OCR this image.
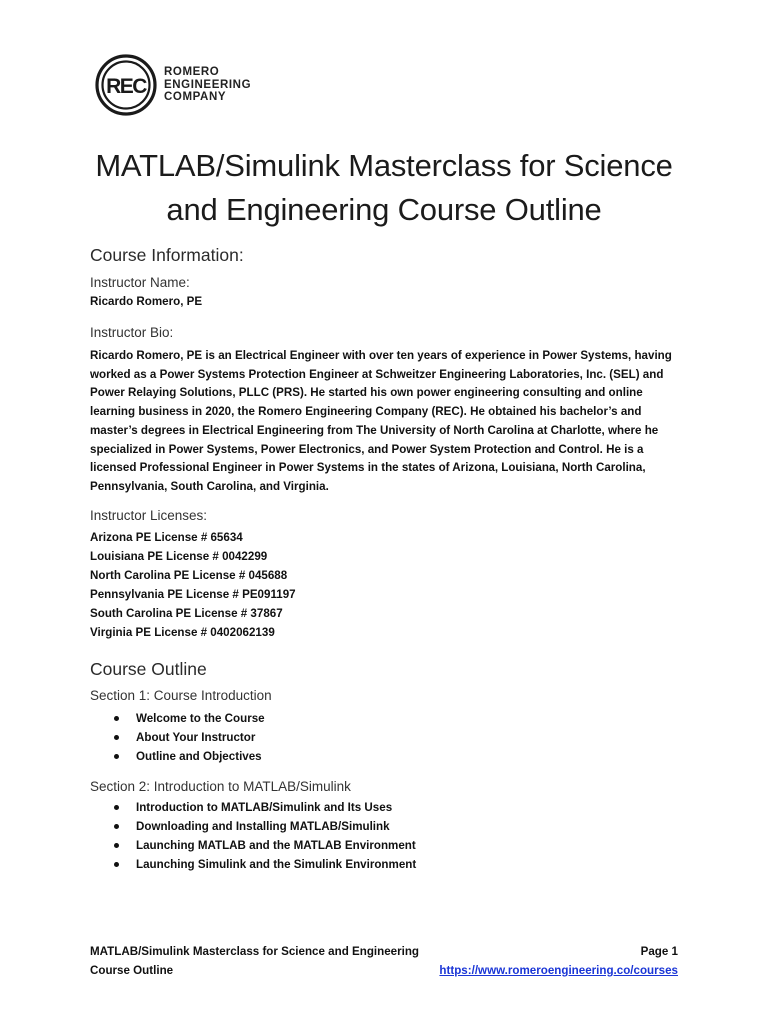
REC
ROMERO
ENGINEERING
COMPANY
MATLAB/Simulink Masterclass for Science
and Engineering Course Outline
Course Information:
Instructor Name:
Ricardo Romero, PE
Instructor Bio:
Ricardo Romero, PE is an Electrical Engineer with over ten years of experience in Power Systems, having
worked as a Power Systems Protection Engineer at Schweitzer Engineering Laboratories, Inc. (SEL) and
Power Relaying Solutions, PLLC (PRS). He started his own power engineering consulting and online
learning business in 2020, the Romero Engineering Company (REC). He obtained his bachelor’s and
master’s degrees in Electrical Engineering from The University of North Carolina at Charlotte, where he
specialized in Power Systems, Power Electronics, and Power System Protection and Control. He is a
licensed Professional Engineer in Power Systems in the states of Arizona, Louisiana, North Carolina,
Pennsylvania, South Carolina, and Virginia.
Instructor Licenses:
Arizona PE License # 65634
Louisiana PE License # 0042299
North Carolina PE License # 045688
Pennsylvania PE License # PE091197
South Carolina PE License # 37867
Virginia PE License # 0402062139
Course Outline
Section 1: Course Introduction
Welcome to the Course
About Your Instructor
Outline and Objectives
Section 2: Introduction to MATLAB/Simulink
Introduction to MATLAB/Simulink and Its Uses
Downloading and Installing MATLAB/Simulink
Launching MATLAB and the MATLAB Environment
Launching Simulink and the Simulink Environment
MATLAB/Simulink Masterclass for Science and Engineering
Course Outline
Page 1
https://www.romeroengineering.co/courses
